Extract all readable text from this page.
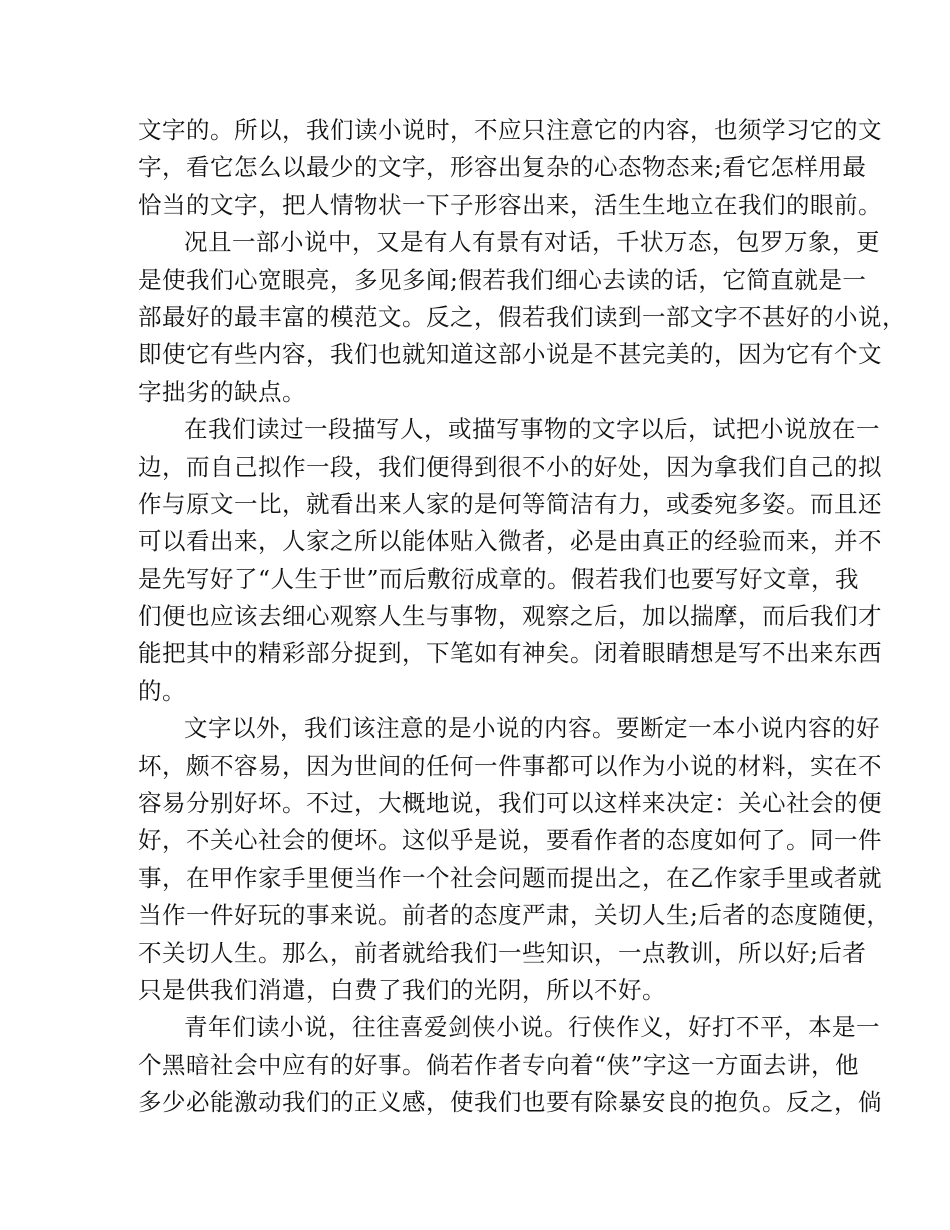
文字的。所以，我们读小说时，不应只注意它的内容，也须学习它的文
字，看它怎么以最少的文字，形容出复杂的心态物态来;看它怎样用最
恰当的文字，把人情物状一下子形容出来，活生生地立在我们的眼前。
况且一部小说中，又是有人有景有对话，千状万态，包罗万象，更
是使我们心宽眼亮，多见多闻;假若我们细心去读的话，它简直就是一
部最好的最丰富的模范文。反之，假若我们读到一部文字不甚好的小说，
即使它有些内容，我们也就知道这部小说是不甚完美的，因为它有个文
字拙劣的缺点。
在我们读过一段描写人，或描写事物的文字以后，试把小说放在一
边，而自己拟作一段，我们便得到很不小的好处，因为拿我们自己的拟
作与原文一比，就看出来人家的是何等简洁有力，或委宛多姿。而且还
可以看出来，人家之所以能体贴入微者，必是由真正的经验而来，并不
是先写好了“人生于世”而后敷衍成章的。假若我们也要写好文章，我
们便也应该去细心观察人生与事物，观察之后，加以揣摩，而后我们才
能把其中的精彩部分捉到，下笔如有神矣。闭着眼睛想是写不出来东西
的。
文字以外，我们该注意的是小说的内容。要断定一本小说内容的好
坏，颇不容易，因为世间的任何一件事都可以作为小说的材料，实在不
容易分别好坏。不过，大概地说，我们可以这样来决定：关心社会的便
好，不关心社会的便坏。这似乎是说，要看作者的态度如何了。同一件
事，在甲作家手里便当作一个社会问题而提出之，在乙作家手里或者就
当作一件好玩的事来说。前者的态度严肃，关切人生;后者的态度随便，
不关切人生。那么，前者就给我们一些知识，一点教训，所以好;后者
只是供我们消遣，白费了我们的光阴，所以不好。
青年们读小说，往往喜爱剑侠小说。行侠作义，好打不平，本是一
个黑暗社会中应有的好事。倘若作者专向着“侠”字这一方面去讲，他
多少必能激动我们的正义感，使我们也要有除暴安良的抱负。反之，倘
